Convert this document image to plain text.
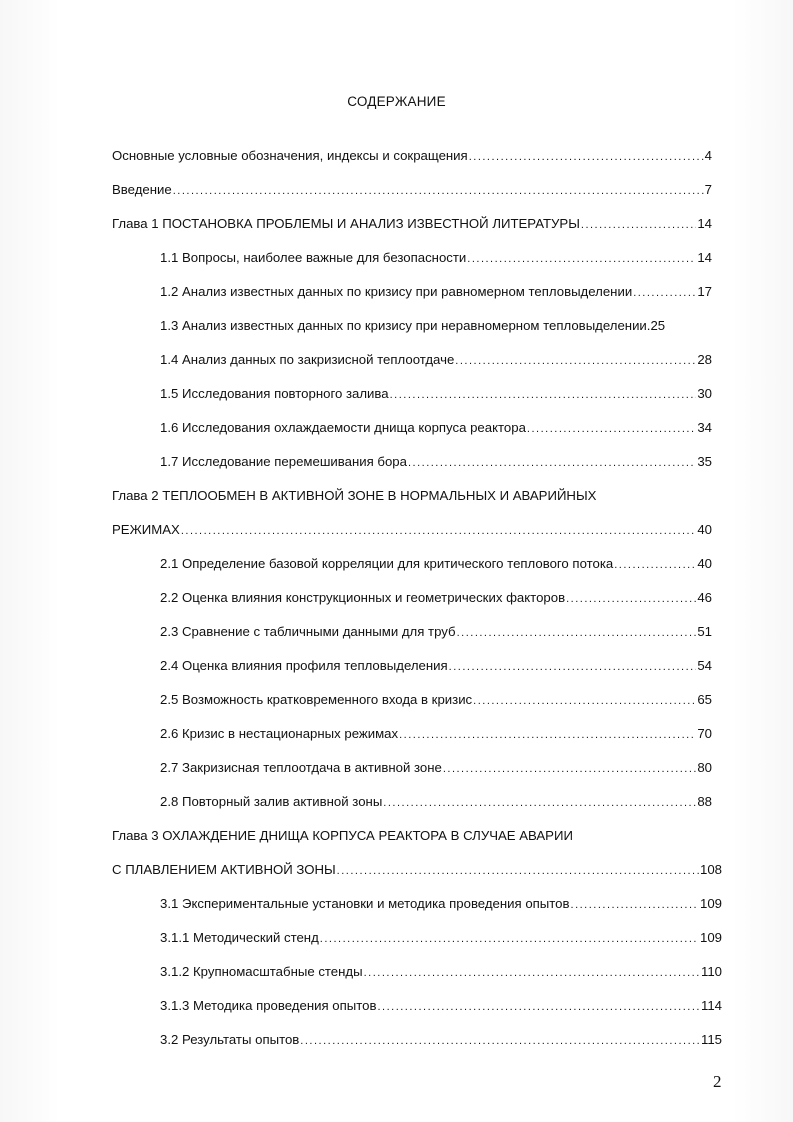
СОДЕРЖАНИЕ
Основные условные обозначения, индексы и сокращения .....	4
Введение .....	7
Глава 1 ПОСТАНОВКА ПРОБЛЕМЫ И АНАЛИЗ ИЗВЕСТНОЙ ЛИТЕРАТУРЫ .....	14
1.1 Вопросы, наиболее важные для безопасности .....	14
1.2 Анализ известных данных по кризису при равномерном тепловыделении .....	17
1.3 Анализ известных данных по кризису при неравномерном тепловыделении. 25
1.4 Анализ данных по закризисной теплоотдаче .....	28
1.5 Исследования повторного залива .....	30
1.6 Исследования охлаждаемости днища корпуса реактора .....	34
1.7 Исследование перемешивания бора .....	35
Глава 2 ТЕПЛООБМЕН В АКТИВНОЙ ЗОНЕ В НОРМАЛЬНЫХ И АВАРИЙНЫХ
РЕЖИМАХ .....	40
2.1 Определение базовой корреляции для критического теплового потока .....	40
2.2 Оценка влияния конструкционных и геометрических факторов .....	46
2.3 Сравнение с табличными данными для труб .....	51
2.4 Оценка влияния профиля тепловыделения .....	54
2.5 Возможность кратковременного входа в кризис .....	65
2.6 Кризис в нестационарных режимах .....	70
2.7 Закризисная теплоотдача в активной зоне .....	80
2.8 Повторный залив активной зоны .....	88
Глава 3 ОХЛАЖДЕНИЕ ДНИЩА КОРПУСА РЕАКТОРА В СЛУЧАЕ АВАРИИ
С ПЛАВЛЕНИЕМ АКТИВНОЙ ЗОНЫ .....	108
3.1 Экспериментальные установки и методика проведения опытов .....	109
3.1.1 Методический стенд .....	109
3.1.2 Крупномасштабные стенды .....	110
3.1.3 Методика проведения опытов .....	114
3.2 Результаты опытов .....	115
2
